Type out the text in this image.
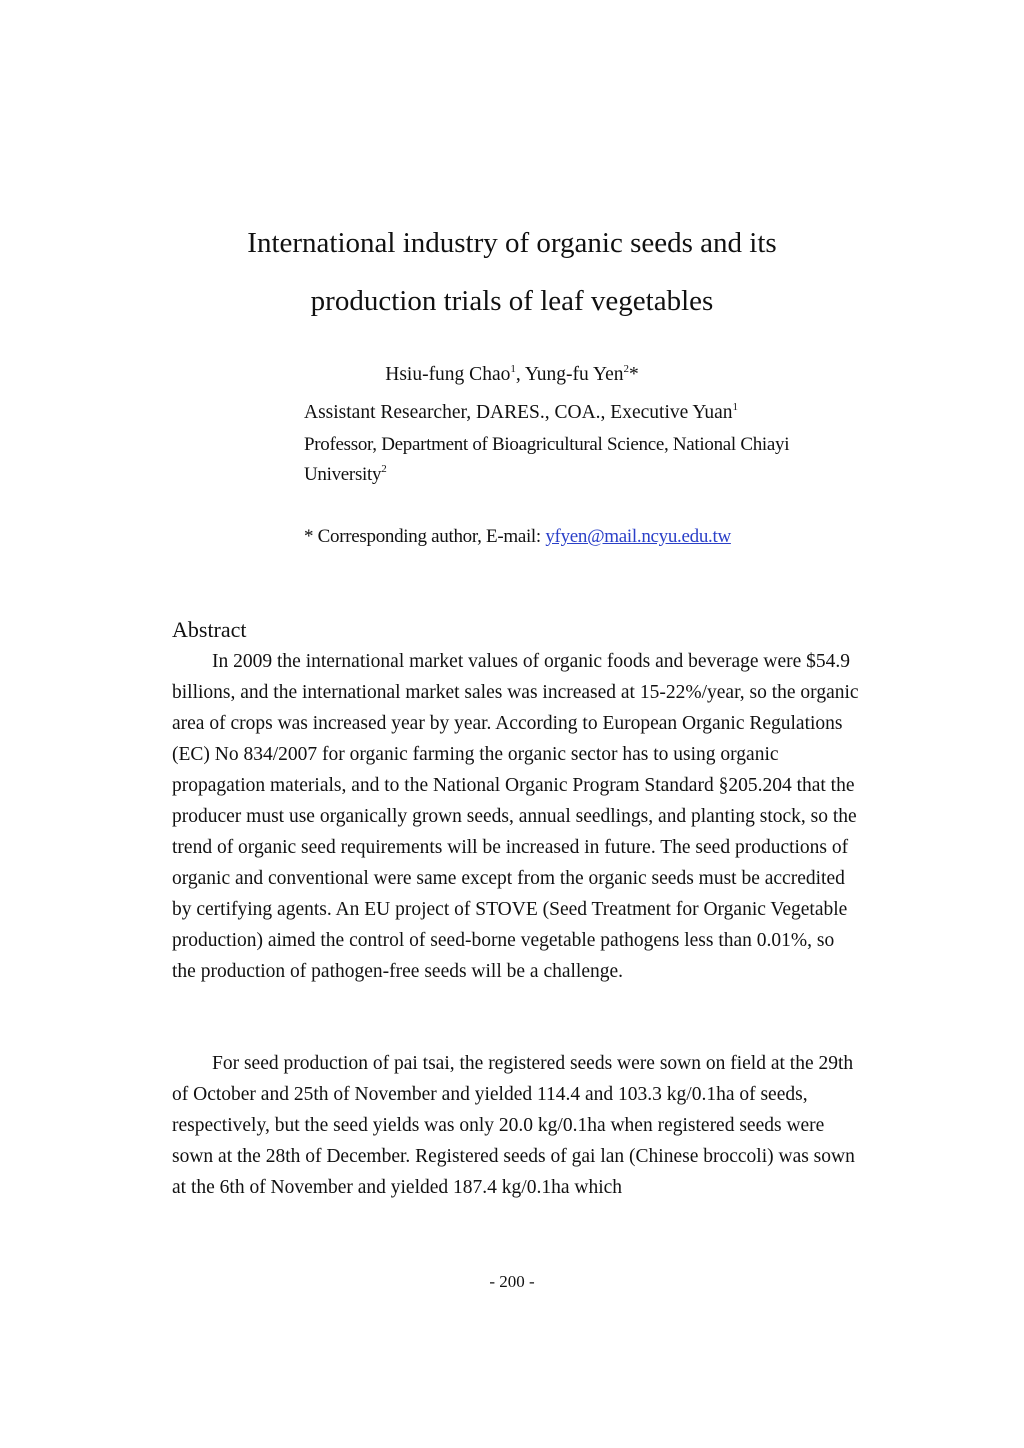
International industry of organic seeds and its
production trials of leaf vegetables
Hsiu-fung Chao$^1$, Yung-fu Yen$^2$*
Assistant Researcher, DARES., COA., Executive Yuan$^1$
Professor, Department of Bioagricultural Science, National Chiayi
University$^2$
* Corresponding author, E-mail: yfyen@mail.ncyu.edu.tw
Abstract

In 2009 the international market values of organic foods and beverage were $54.9 billions, and the international market sales was increased at 15-22%/year, so the organic area of crops was increased year by year. According to European Organic Regulations (EC) No 834/2007 for organic farming the organic sector has to using organic propagation materials, and to the National Organic Program Standard §205.204 that the producer must use organically grown seeds, annual seedlings, and planting stock, so the trend of organic seed requirements will be increased in future. The seed productions of organic and conventional were same except from the organic seeds must be accredited by certifying agents. An EU project of STOVE (Seed Treatment for Organic Vegetable production) aimed the control of seed-borne vegetable pathogens less than 0.01%, so the production of pathogen-free seeds will be a challenge.

For seed production of pai tsai, the registered seeds were sown on field at the 29th of October and 25th of November and yielded 114.4 and 103.3 kg/0.1ha of seeds, respectively, but the seed yields was only 20.0 kg/0.1ha when registered seeds were sown at the 28th of December. Registered seeds of gai lan (Chinese broccoli) was sown at the 6th of November and yielded 187.4 kg/0.1ha which

- 200 -
